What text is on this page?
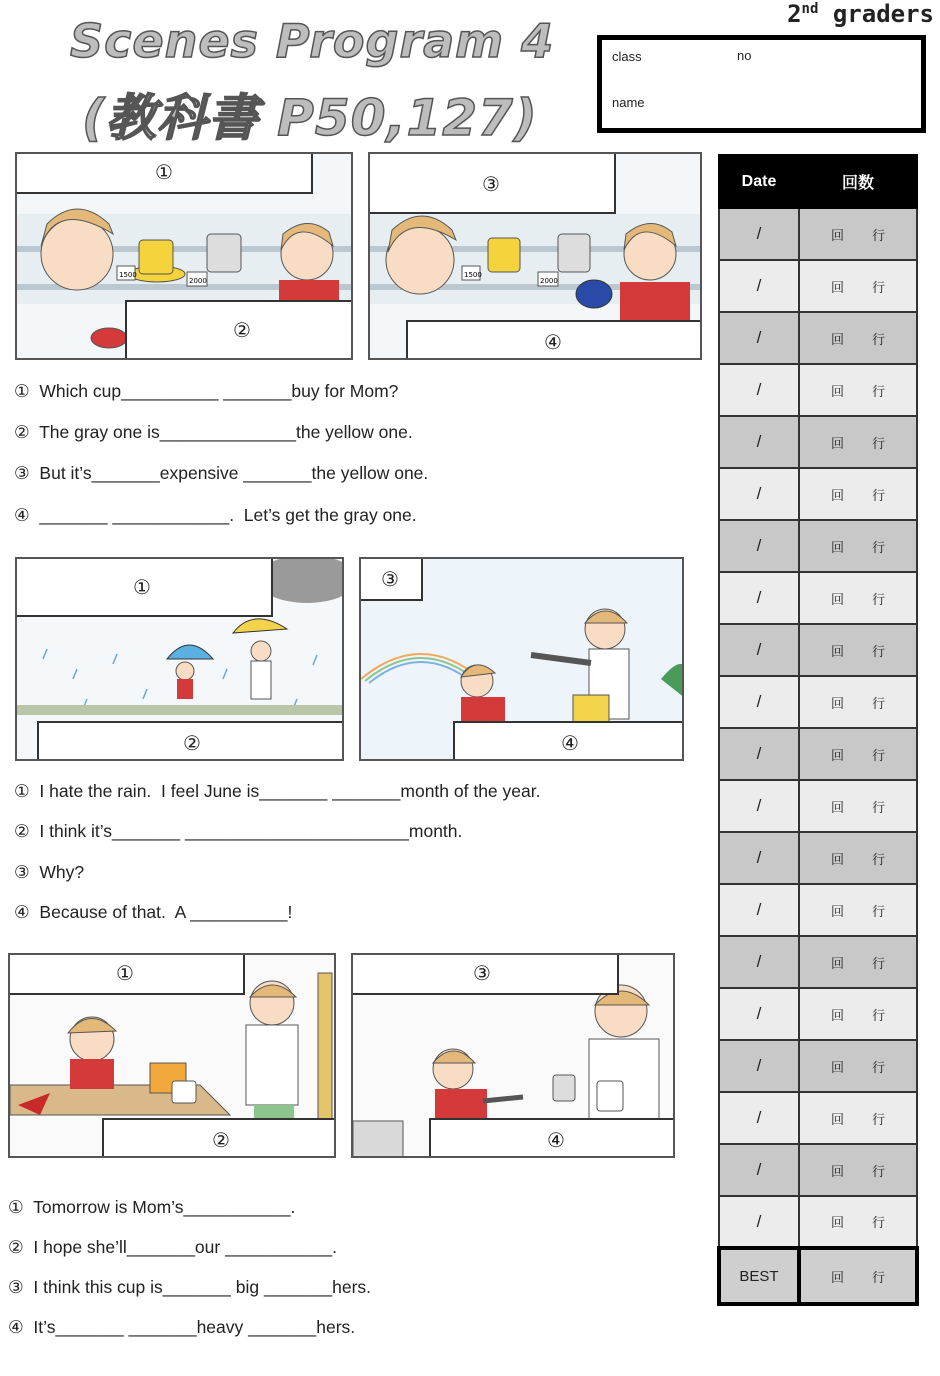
Scenes Program 4
(教科書 P50,127)
2nd graders
class	no
name
1500
2000
①
②
1500
2000
③
④
①  Which cup__________ _______buy for Mom?
②  The gray one is______________the yellow one.
③  But it’s_______expensive _______the yellow one.
④  _______ ____________.  Let’s get the gray one.
①
②
③
④
①  I hate the rain.  I feel June is_______ _______month of the year.
②  I think it’s_______ _______________________month.
③  Why?
④  Because of that.  A __________!
①
②
③
④
①  Tomorrow is Mom’s___________.
②  I hope she’ll_______our ___________.
③  I think this cup is_______ big _______hers.
④  It’s_______ _______heavy _______hers.
Date	回数
/	回 行
/	回 行
/	回 行
/	回 行
/	回 行
/	回 行
/	回 行
/	回 行
/	回 行
/	回 行
/	回 行
/	回 行
/	回 行
/	回 行
/	回 行
/	回 行
/	回 行
/	回 行
/	回 行
/	回 行
BEST	回 行
